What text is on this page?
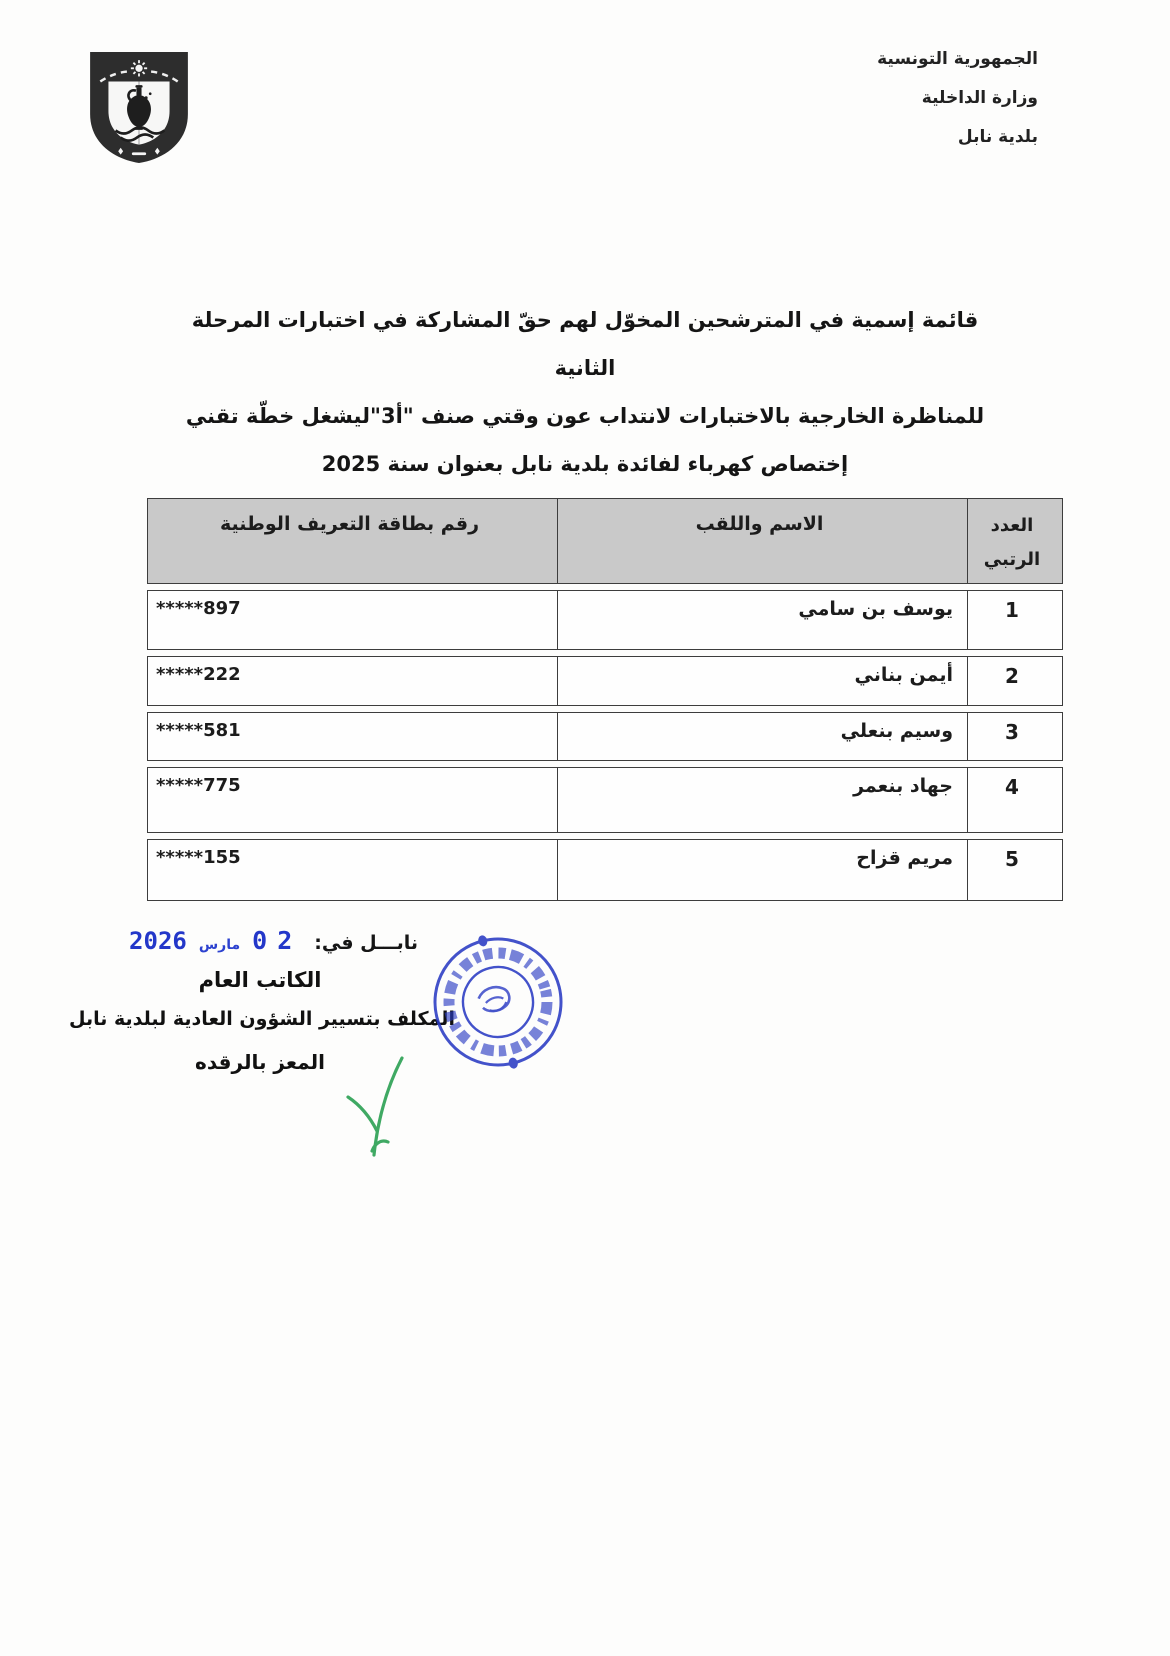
الجمهورية التونسية
وزارة الداخلية
بلدية نابل
قائمة إسمية في المترشحين المخوّل لهم حقّ المشاركة في اختبارات المرحلة الثانية
للمناظرة الخارجية بالاختبارات لانتداب عون وقتي صنف "أ3"ليشغل خطّة تقني
إختصاص كهرباء لفائدة بلدية نابل بعنوان سنة 2025
رقم بطاقة التعريف الوطنية	الاسم واللقب	العدد
الرتبي
*****897	يوسف بن سامي	1
*****222	أيمن بناني	2
*****581	وسيم بنعلي	3
*****775	جهاد بنعمر	4
*****155	مريم قزاح	5
نابـــل في:
02
مارس
2026
الكاتب العام
المكلف بتسيير الشؤون العادية لبلدية نابل
المعز بالرقده
